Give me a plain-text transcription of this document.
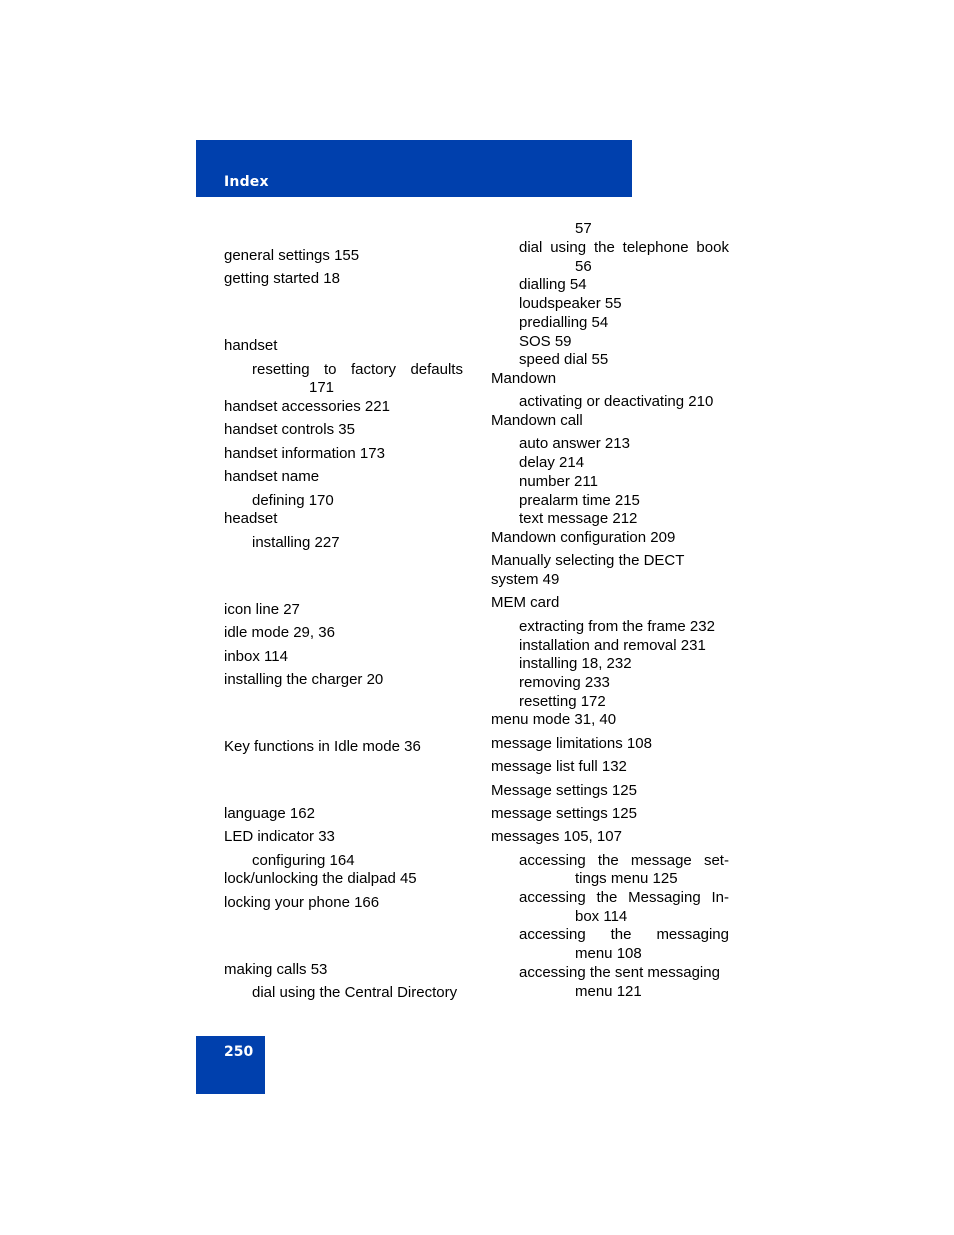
Index
general settings 155
getting started 18
handset
resetting to factory defaults
171
handset accessories 221
handset controls 35
handset information 173
handset name
defining 170
headset
installing 227
icon line 27
idle mode 29, 36
inbox 114
installing the charger 20
Key functions in Idle mode 36
language 162
LED indicator 33
configuring 164
lock/unlocking the dialpad 45
locking your phone 166
making calls 53
dial using the Central Directory
57
dial using the telephone book
56
dialling 54
loudspeaker 55
predialling 54
SOS 59
speed dial 55
Mandown
activating or deactivating 210
Mandown call
auto answer 213
delay 214
number 211
prealarm time 215
text message 212
Mandown configuration 209
Manually selecting the DECT
system 49
MEM card
extracting from the frame 232
installation and removal 231
installing 18, 232
removing 233
resetting 172
menu mode 31, 40
message limitations 108
message list full 132
Message settings 125
message settings 125
messages 105, 107
accessing the message set-
tings menu 125
accessing the Messaging In-
box 114
accessing the messaging
menu 108
accessing the sent messaging
menu 121
250
